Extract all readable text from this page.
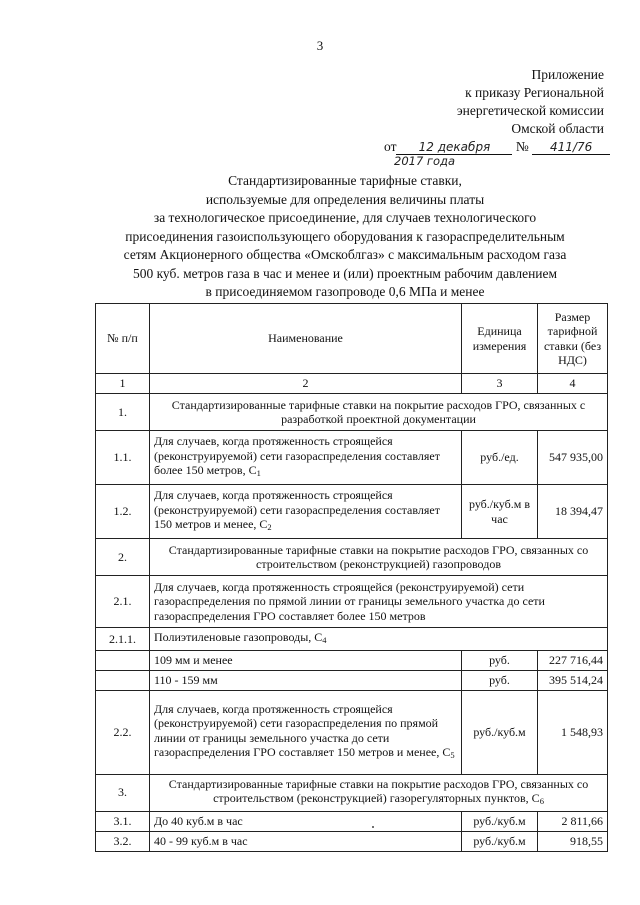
3
Приложение
к приказу Региональной
энергетической комиссии
Омской области
от 12 декабря № 411/76
2017 года
Стандартизированные тарифные ставки,
используемые для определения величины платы
за технологическое присоединение, для случаев технологического
присоединения газоиспользующего оборудования к газораспределительным
сетям Акционерного общества «Омскоблгаз» с максимальным расходом газа
500 куб. метров газа в час и менее и (или) проектным рабочим давлением
в присоединяемом газопроводе 0,6 МПа и менее
№ п/п	Наименование	Единица измерения	Размер тарифной ставки (без НДС)
1	2	3	4
1.	Стандартизированные тарифные ставки на покрытие расходов ГРО, связанных с разработкой проектной документации		
1.1.	Для случаев, когда протяженность строящейся (реконструируемой) сети газораспределения составляет более 150 метров, $С_1$	руб./ед.	547 935,00
1.2.	Для случаев, когда протяженность строящейся (реконструируемой) сети газораспределения составляет 150 метров и менее, $С_2$	руб./куб.м в час	18 394,47
2.	Стандартизированные тарифные ставки на покрытие расходов ГРО, связанных со строительством (реконструкцией) газопроводов		
2.1.	Для случаев, когда протяженность строящейся (реконструируемой) сети газораспределения по прямой линии от границы земельного участка до сети газораспределения ГРО составляет более 150 метров		
2.1.1.	Полиэтиленовые газопроводы, $С_4$
	109 мм и менее	руб.	227 716,44
	110 - 159 мм	руб.	395 514,24
2.2.	Для случаев, когда протяженность строящейся (реконструируемой) сети газораспределения по прямой линии от границы земельного участка до сети газораспределения ГРО составляет 150 метров и менее, $С_5$	руб./куб.м	1 548,93
3.	Стандартизированные тарифные ставки на покрытие расходов ГРО, связанных со строительством (реконструкцией) газорегуляторных пунктов, $С_6$
3.1.	До 40 куб.м в час	руб./куб.м	2 811,66
3.2.	40 - 99 куб.м в час	руб./куб.м	918,55
